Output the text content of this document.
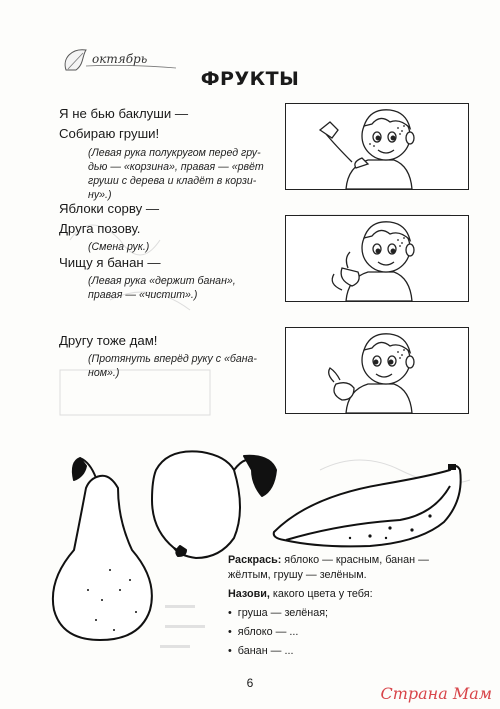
октябрь
ФРУКТЫ
Я не бью баклуши —
Собираю груши!
(Левая рука полукругом перед гру-
дью — «корзина», правая — «рвёт
груши с дерева и кладёт в корзи-
ну».)
Яблоки сорву —
Друга позову.
(Смена рук.)
Чищу я банан —
(Левая рука «держит банан»,
правая — «чистит».)
Другу тоже дам!
(Протянуть вперёд руку с «бана-
ном».)
Раскрась: яблоко — красным, банан —
жёлтым, грушу — зелёным.
Назови, какого цвета у тебя:
•  груша — зелёная;
•  яблоко — ...
•  банан — ...
6
Страна Мам
